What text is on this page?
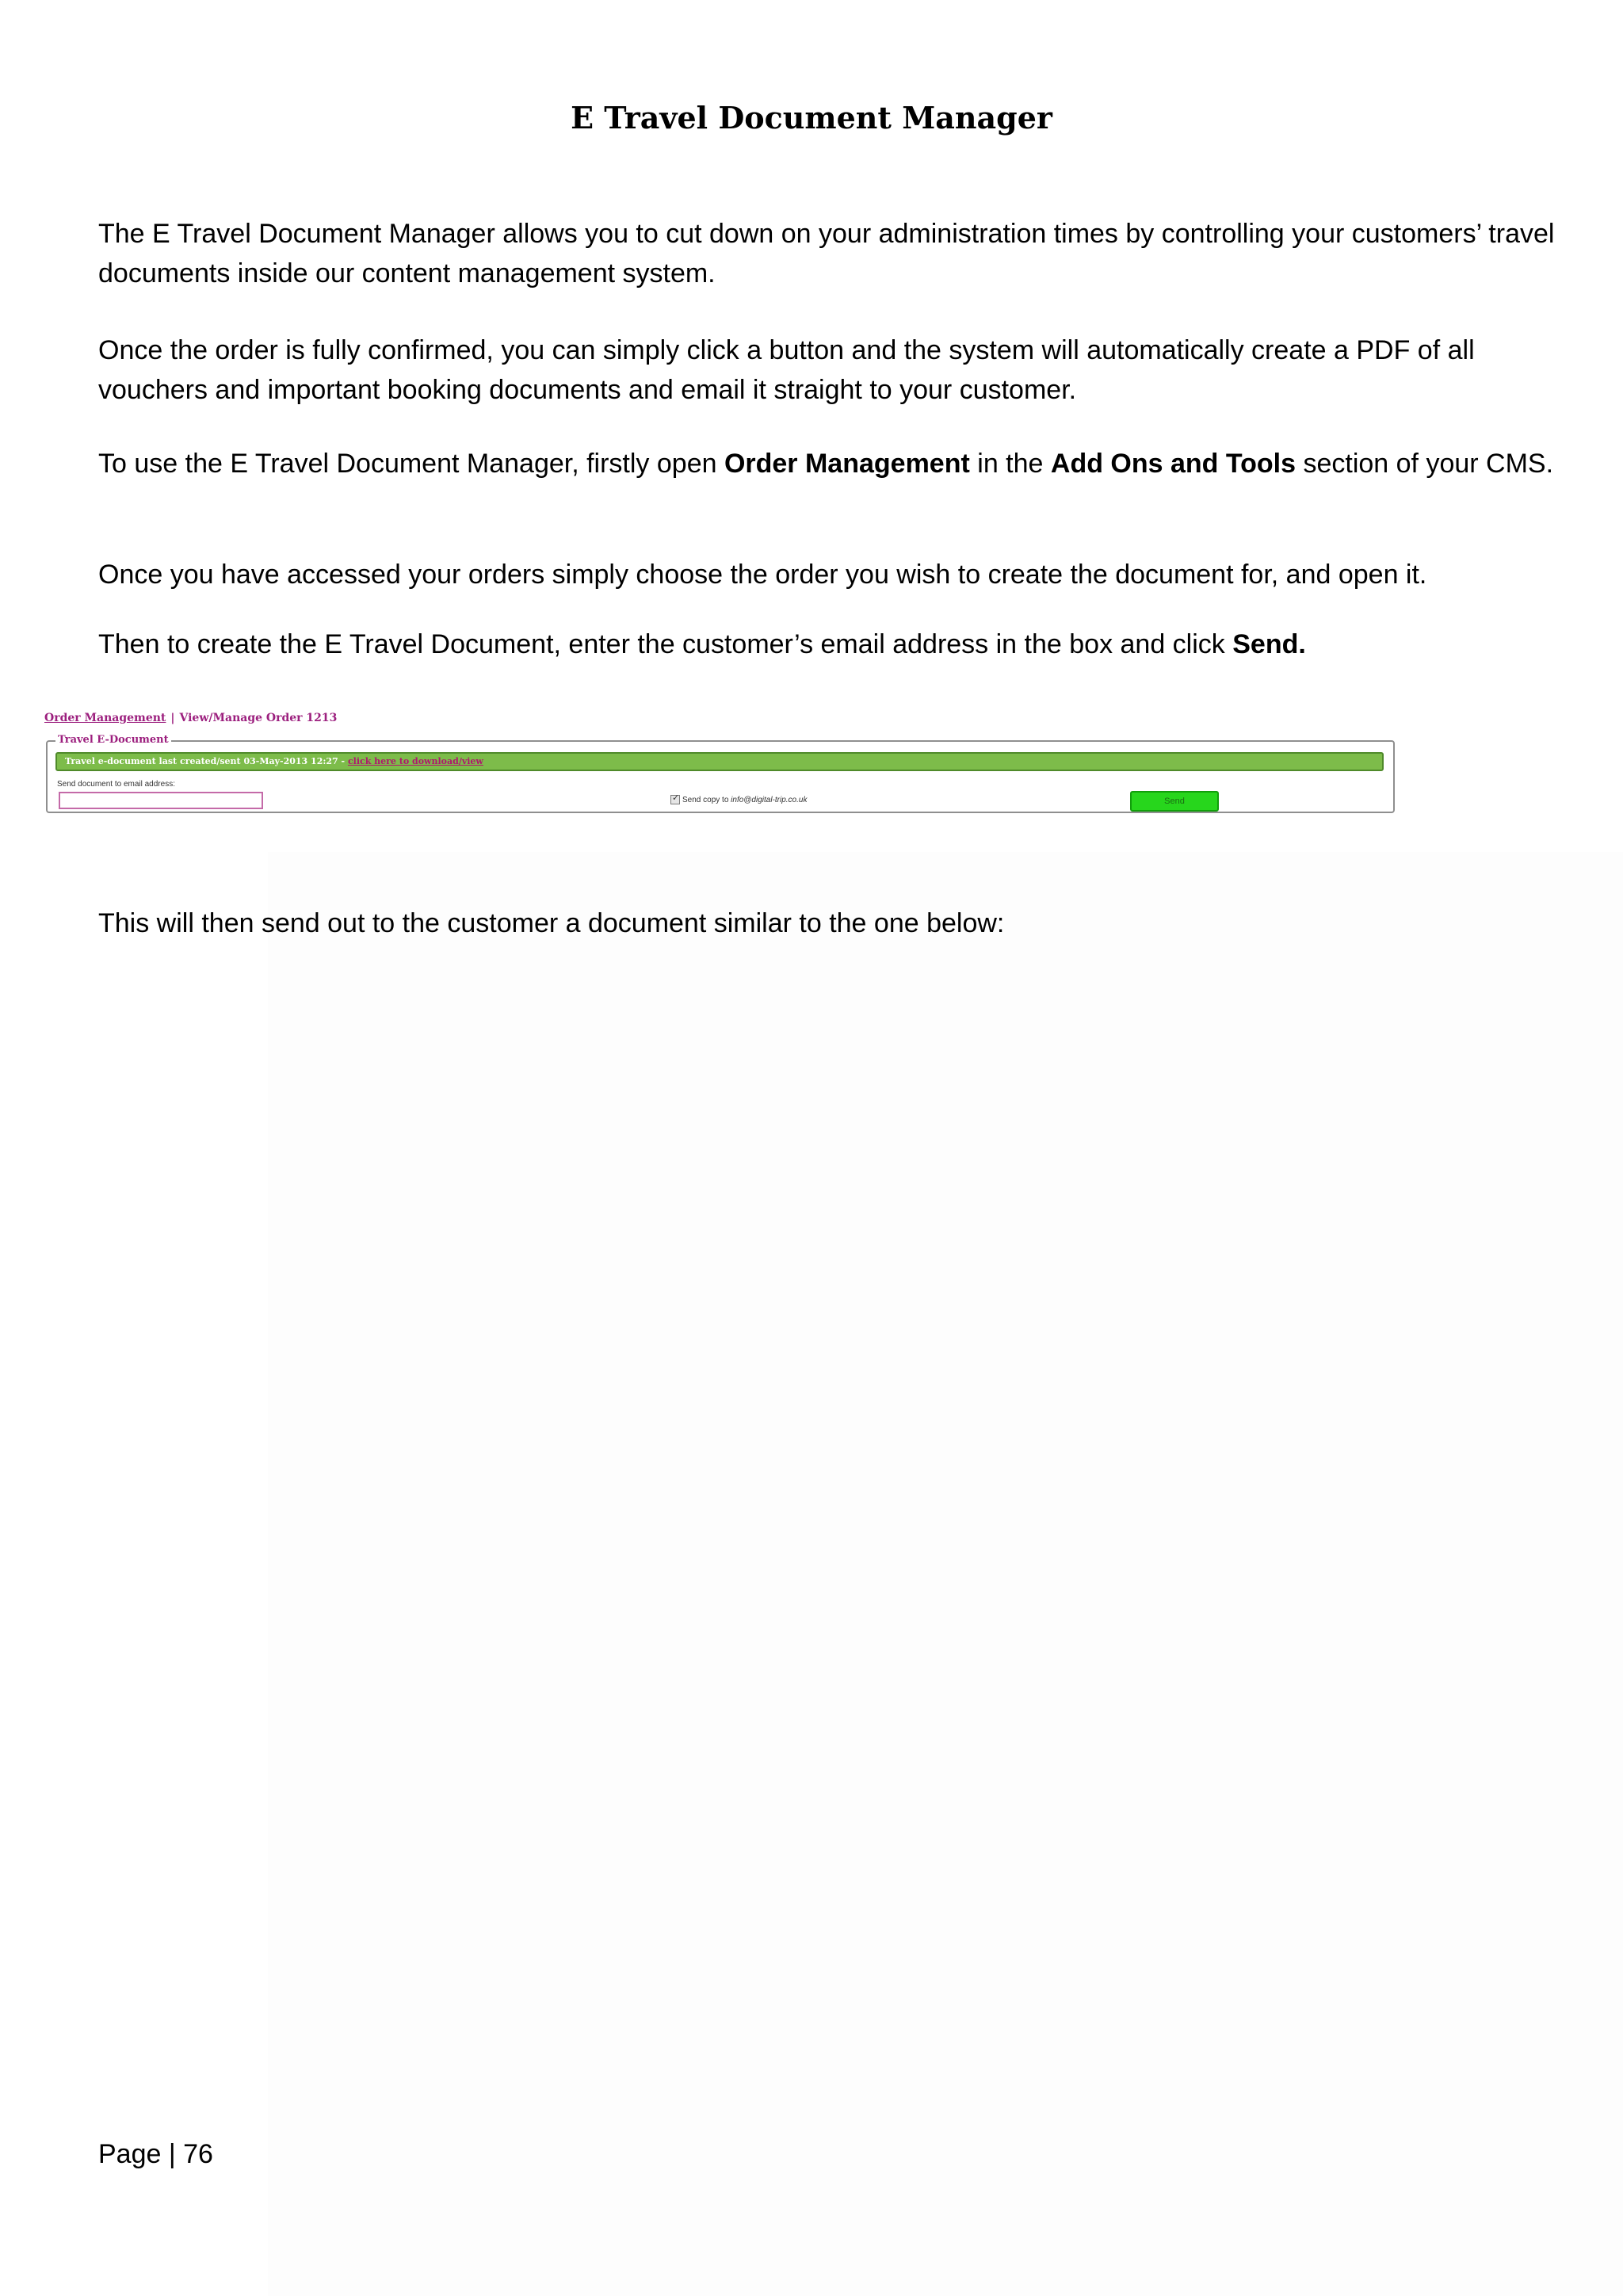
E Travel Document Manager

The E Travel Document Manager allows you to cut down on your administration times by controlling your customers’ travel documents inside our content management system.

Once the order is fully confirmed, you can simply click a button and the system will automatically create a PDF of all vouchers and important booking documents and email it straight to your customer.

To use the E Travel Document Manager, firstly open Order Management in the Add Ons and Tools section of your CMS.

Once you have accessed your orders simply choose the order you wish to create the document for, and open it.

Then to create the E Travel Document, enter the customer’s email address in the box and click Send.

Order Management | View/Manage Order 1213
Travel E-Document
Travel e-document last created/sent 03-May-2013 12:27 - click here to download/view
Send document to email address:
✓ Send copy to info@digital-trip.co.uk	Send

This will then send out to the customer a document similar to the one below:

Page | 76
